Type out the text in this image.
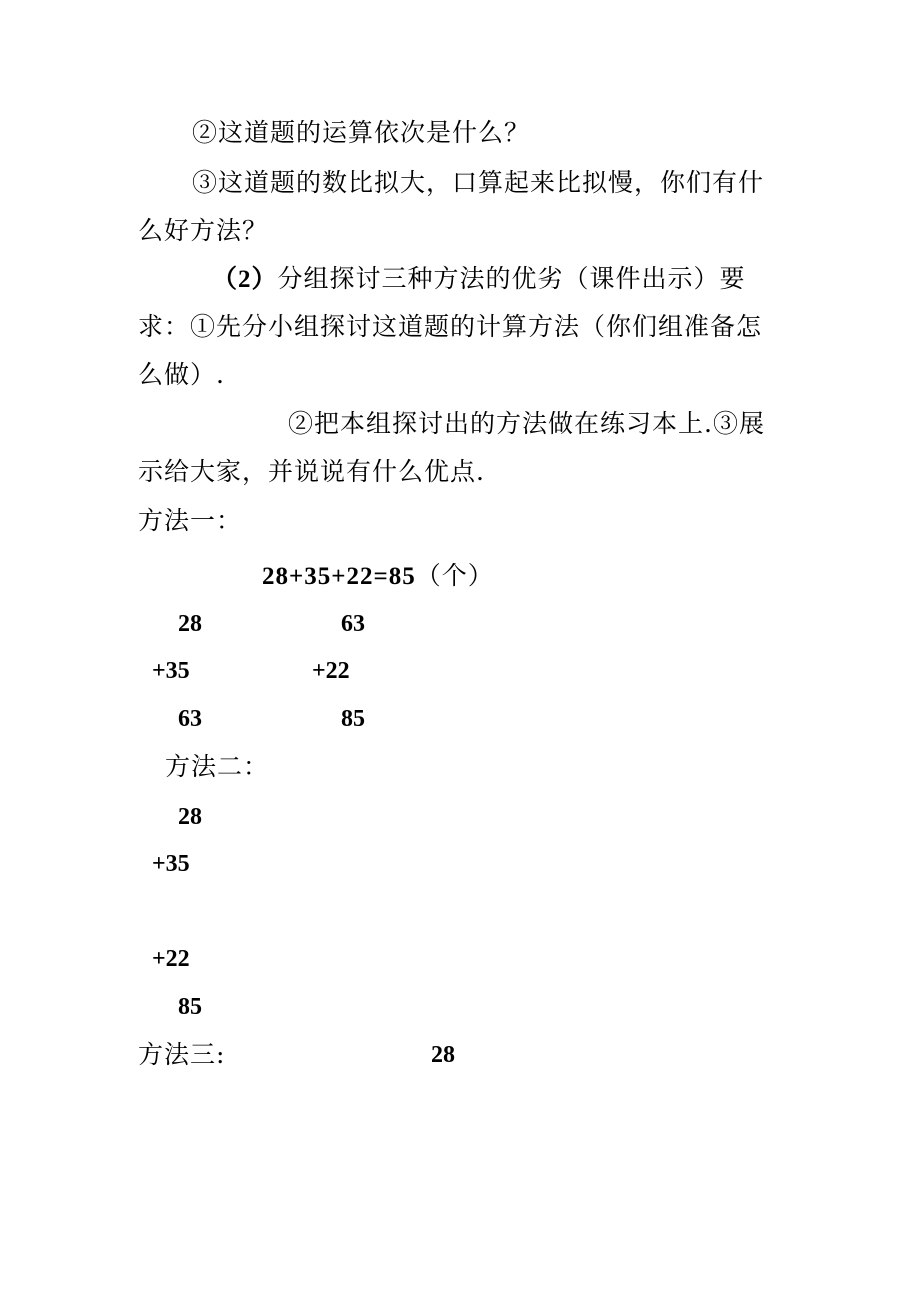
②这道题的运算依次是什么？
③这道题的数比拟大，口算起来比拟慢，你们有什
么好方法？
（2）分组探讨三种方法的优劣（课件出示）要
求：①先分小组探讨这道题的计算方法（你们组准备怎
么做）.
②把本组探讨出的方法做在练习本上.③展
示给大家，并说说有什么优点.
方法一：
28+35+22=85（个）
28	63
+35	+22
63	85
方法二：
28
+35
+22
85
方法三:	28
